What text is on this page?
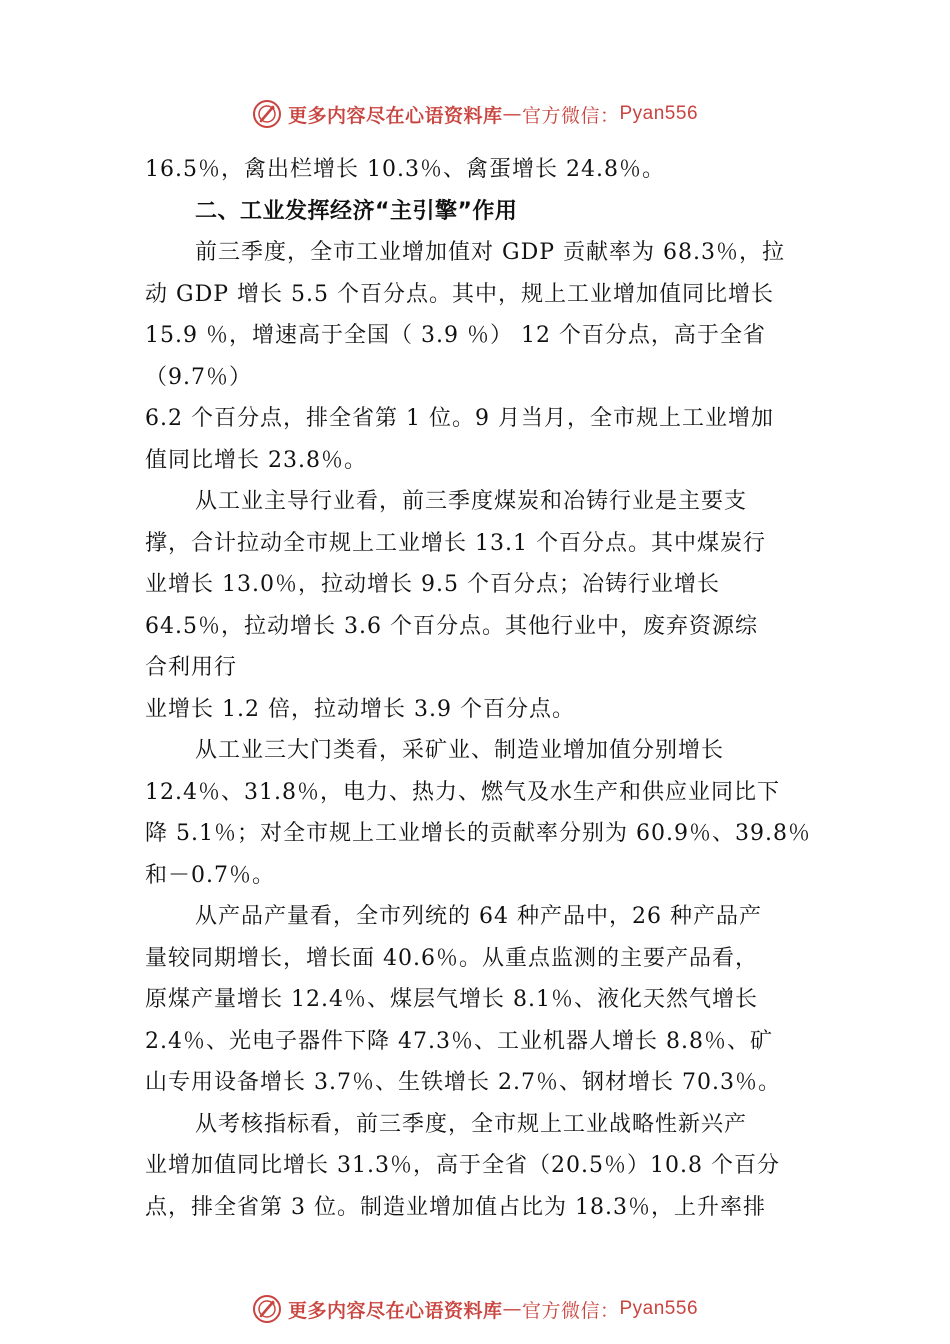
更多内容尽在心语资料库 — 官方微信： Pyan556
16.5％，禽出栏增长 10.3％、禽蛋增长 24.8％。
二、工业发挥经济“主引擎”作用
前三季度，全市工业增加值对 GDP 贡献率为 68.3％，拉
动 GDP 增长 5.5 个百分点。其中，规上工业增加值同比增长
15.9 ％，增速高于全国（ 3.9 ％） 12 个百分点，高于全省
（9.7％）
6.2 个百分点，排全省第 1 位。9 月当月，全市规上工业增加
值同比增长 23.8％。
从工业主导行业看，前三季度煤炭和冶铸行业是主要支
撑，合计拉动全市规上工业增长 13.1 个百分点。其中煤炭行
业增长 13.0％，拉动增长 9.5 个百分点；冶铸行业增长
64.5％，拉动增长 3.6 个百分点。其他行业中，废弃资源综
合利用行
业增长 1.2 倍，拉动增长 3.9 个百分点。
从工业三大门类看，采矿业、制造业增加值分别增长
12.4％、31.8％，电力、热力、燃气及水生产和供应业同比下
降 5.1％；对全市规上工业增长的贡献率分别为 60.9％、39.8％
和－0.7％。
从产品产量看，全市列统的 64 种产品中，26 种产品产
量较同期增长，增长面 40.6％。从重点监测的主要产品看，
原煤产量增长 12.4％、煤层气增长 8.1％、液化天然气增长
2.4％、光电子器件下降 47.3％、工业机器人增长 8.8％、矿
山专用设备增长 3.7％、生铁增长 2.7％、钢材增长 70.3％。
从考核指标看，前三季度，全市规上工业战略性新兴产
业增加值同比增长 31.3％，高于全省（20.5％）10.8 个百分
点，排全省第 3 位。制造业增加值占比为 18.3％，上升率排
更多内容尽在心语资料库 — 官方微信： Pyan556
